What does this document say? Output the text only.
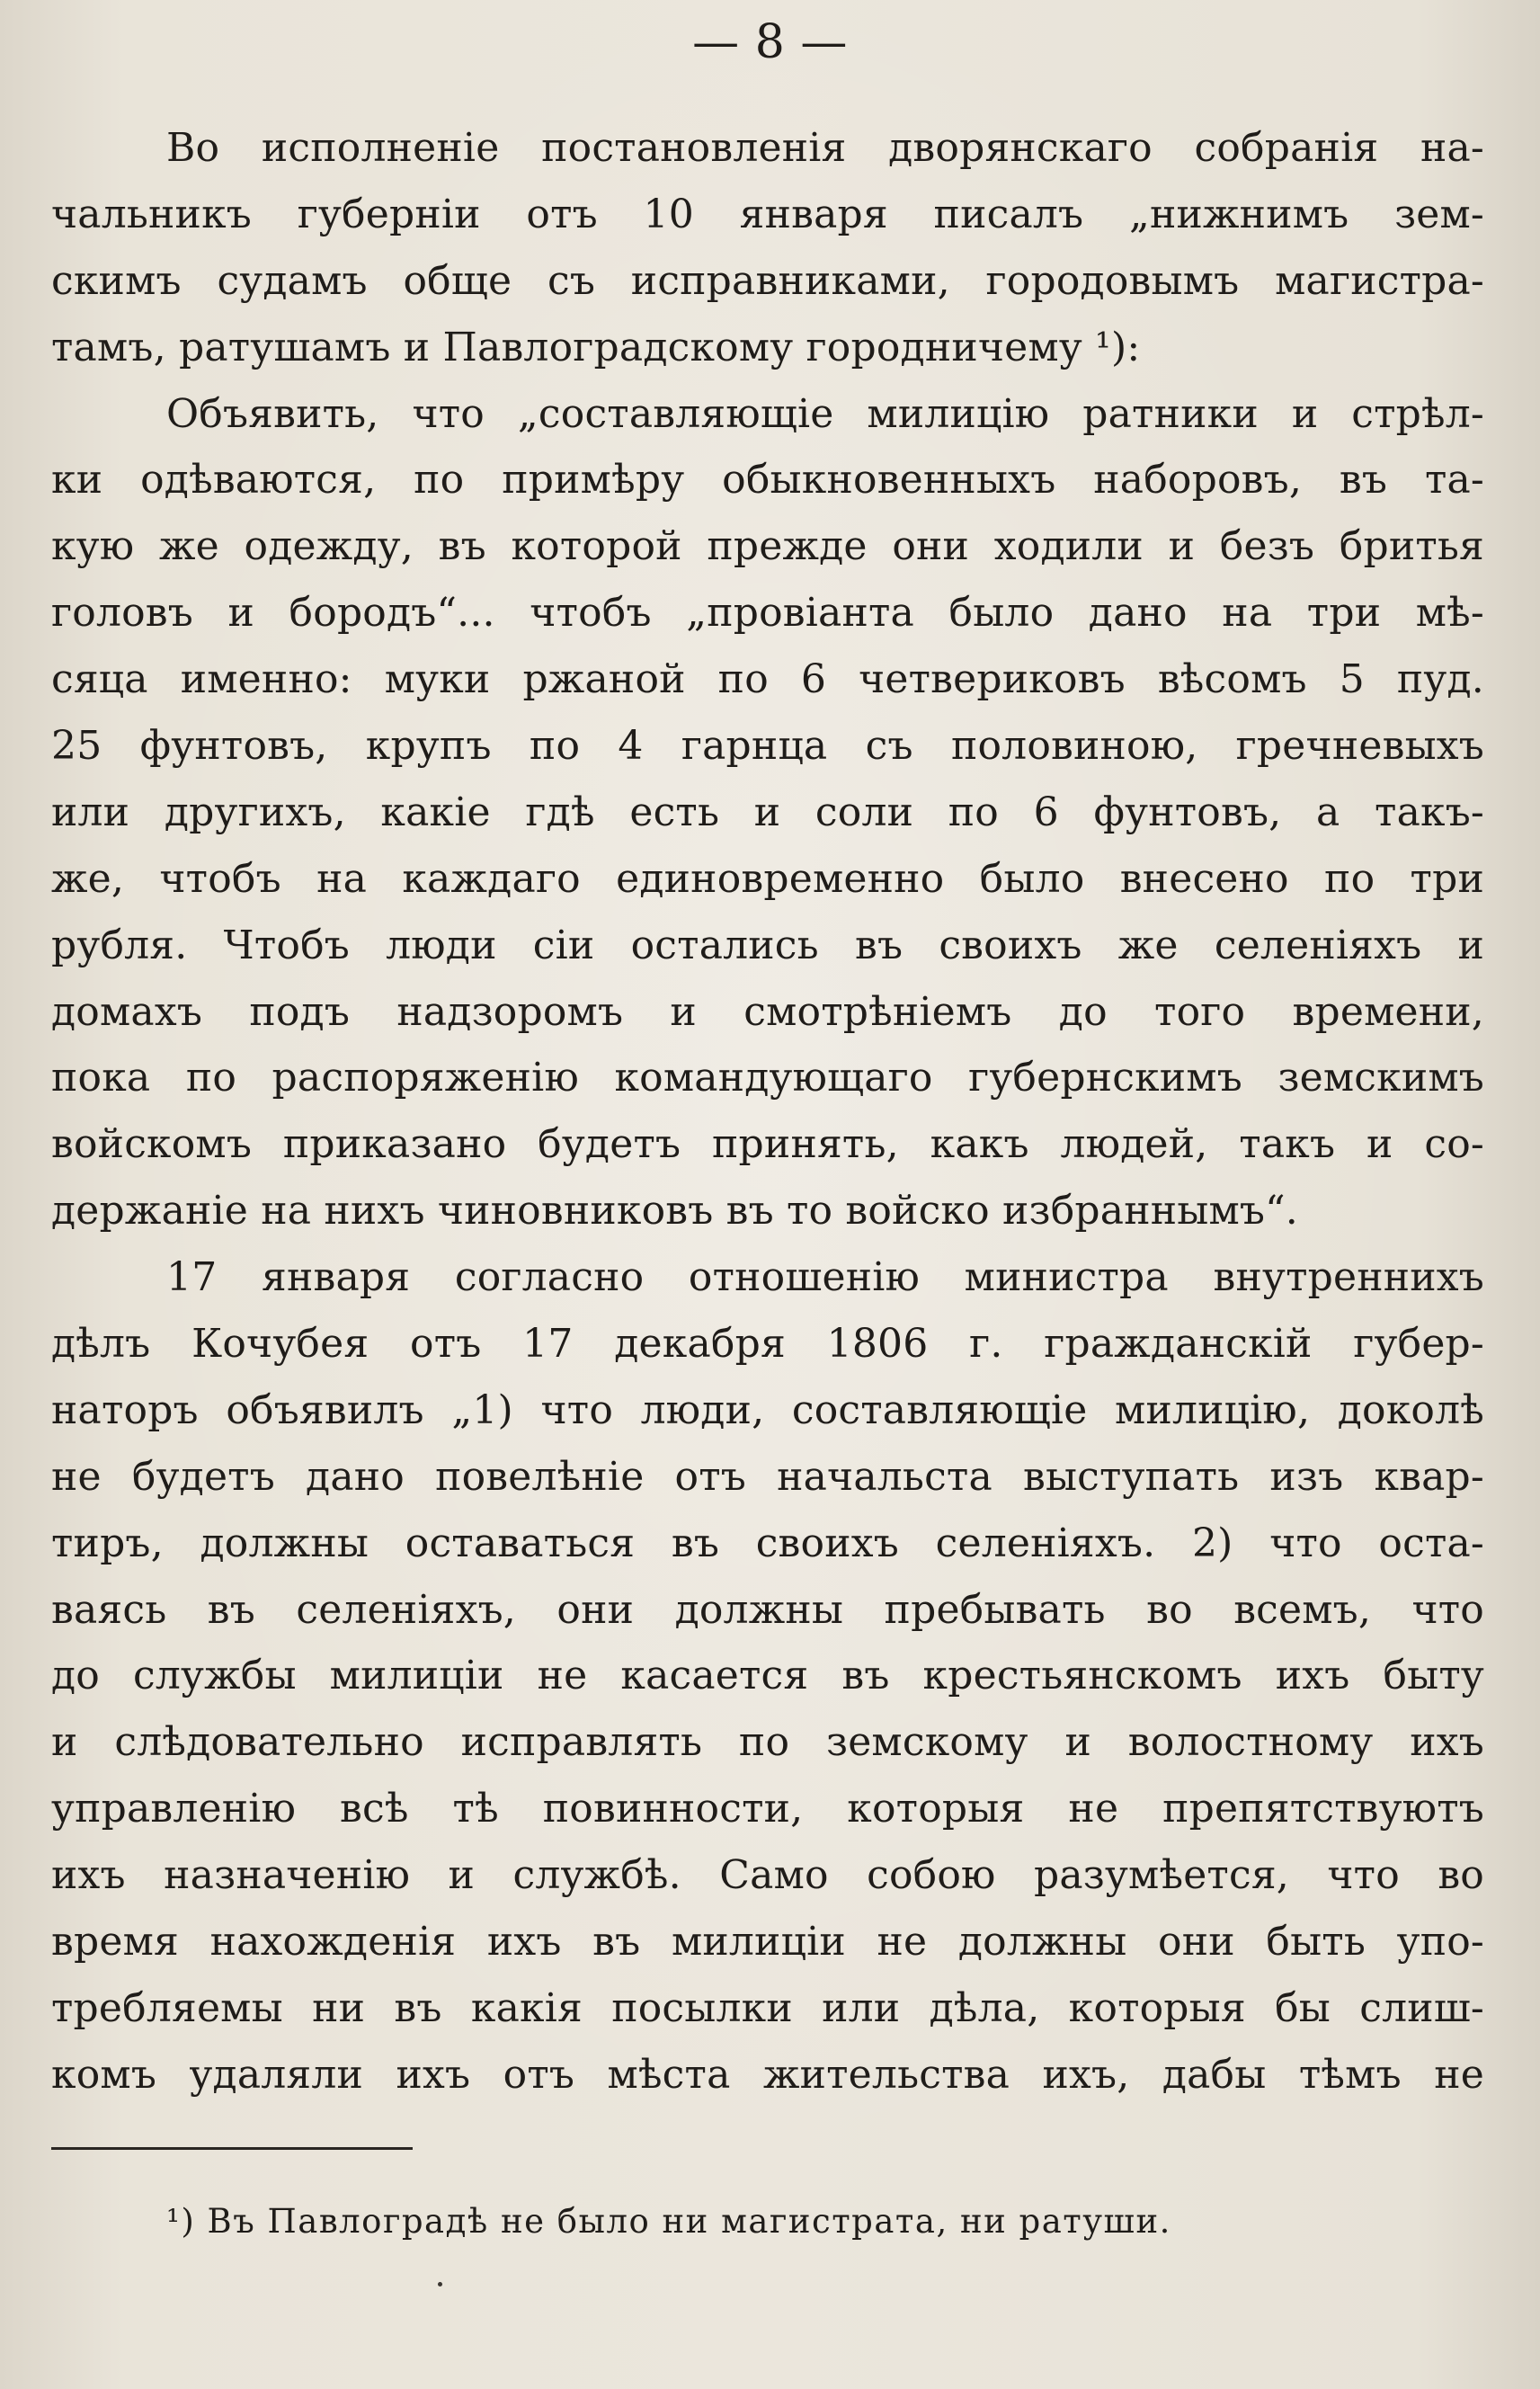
— 8 —
Во исполненіе постановленія дворянскаго собранія на-
чальникъ губерніи отъ 10 января писалъ „нижнимъ зем-
скимъ судамъ обще съ исправниками, городовымъ магистра-
тамъ, ратушамъ и Павлоградскому городничему ¹):
Объявить, что „составляющіе милицію ратники и стрѣл-
ки одѣваются, по примѣру обыкновенныхъ наборовъ, въ та-
кую же одежду, въ которой прежде они ходили и безъ бритья
головъ и бородъ“... чтобъ „провіанта было дано на три мѣ-
сяца именно: муки ржаной по 6 четвериковъ вѣсомъ 5 пуд.
25 фунтовъ, крупъ по 4 гарнца съ половиною, гречневыхъ
или другихъ, какіе гдѣ есть и соли по 6 фунтовъ, а такъ-
же, чтобъ на каждаго единовременно было внесено по три
рубля. Чтобъ люди сіи остались въ своихъ же селеніяхъ и
домахъ подъ надзоромъ и смотрѣніемъ до того времени,
пока по распоряженію командующаго губернскимъ земскимъ
войскомъ приказано будетъ принять, какъ людей, такъ и со-
держаніе на нихъ чиновниковъ въ то войско избраннымъ“.
17 января согласно отношенію министра внутреннихъ
дѣлъ Кочубея отъ 17 декабря 1806 г. гражданскій губер-
наторъ объявилъ „1) что люди, составляющіе милицію, доколѣ
не будетъ дано повелѣніе отъ начальста выступать изъ квар-
тиръ, должны оставаться въ своихъ селеніяхъ. 2) что оста-
ваясь въ селеніяхъ, они должны пребывать во всемъ, что
до службы милиціи не касается въ крестьянскомъ ихъ быту
и слѣдовательно исправлять по земскому и волостному ихъ
управленію всѣ тѣ повинности, которыя не препятствуютъ
ихъ назначенію и службѣ. Само собою разумѣется, что во
время нахожденія ихъ въ милиціи не должны они быть упо-
требляемы ни въ какія посылки или дѣла, которыя бы слиш-
комъ удаляли ихъ отъ мѣста жительства ихъ, дабы тѣмъ не
¹) Въ Павлоградѣ не было ни магистрата, ни ратуши.
